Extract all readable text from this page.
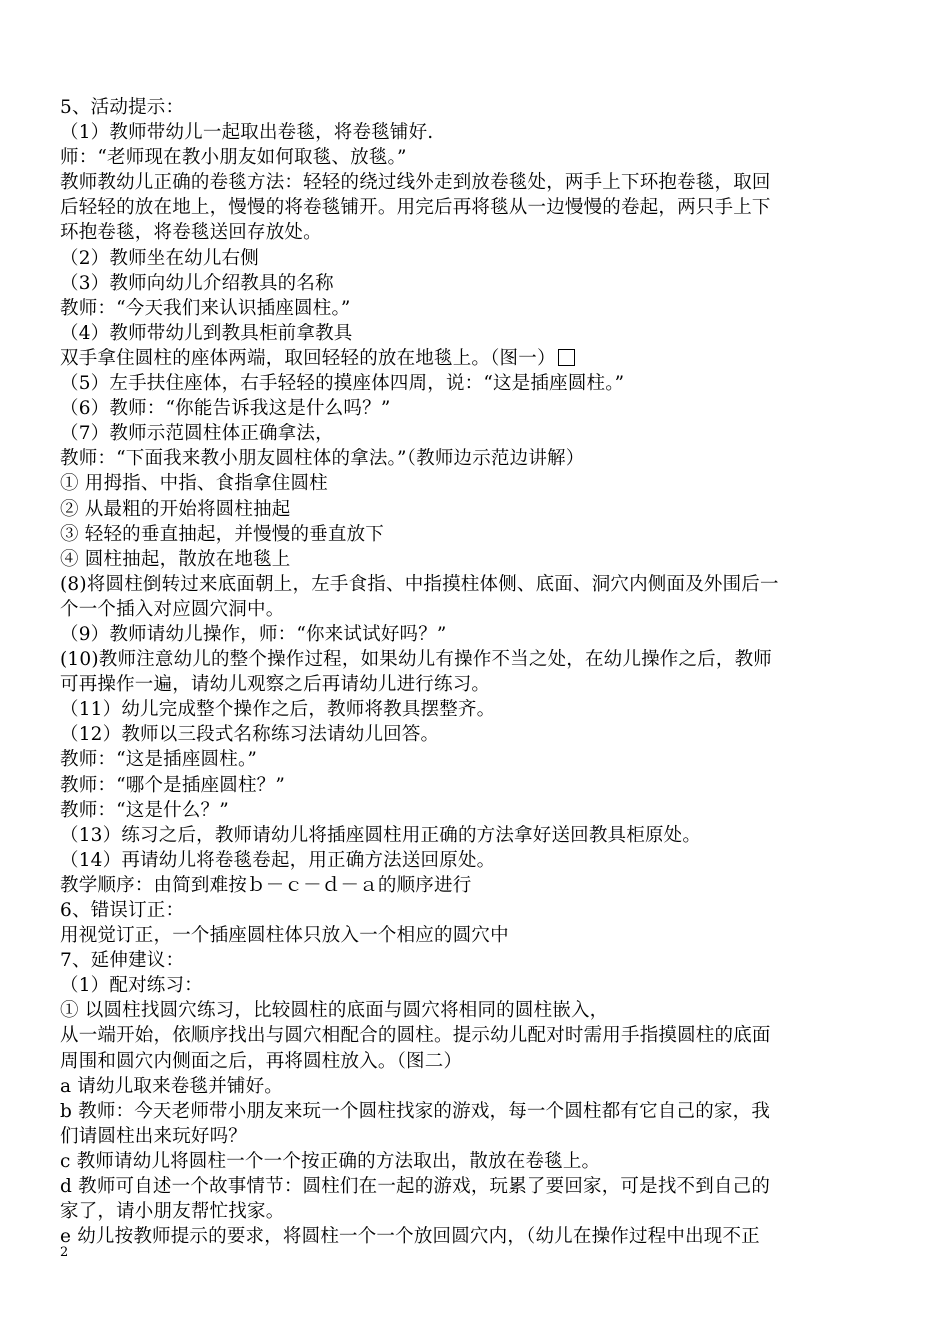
5、活动提示：
（1）教师带幼儿一起取出卷毯，将卷毯铺好.
师：“老师现在教小朋友如何取毯、放毯。”
教师教幼儿正确的卷毯方法：轻轻的绕过线外走到放卷毯处，两手上下环抱卷毯，取回
后轻轻的放在地上，慢慢的将卷毯铺开。用完后再将毯从一边慢慢的卷起，两只手上下
环抱卷毯，将卷毯送回存放处。
（2）教师坐在幼儿右侧
（3）教师向幼儿介绍教具的名称
教师：“今天我们来认识插座圆柱。”
（4）教师带幼儿到教具柜前拿教具
双手拿住圆柱的座体两端，取回轻轻的放在地毯上。（图一）
（5）左手扶住座体，右手轻轻的摸座体四周，说：“这是插座圆柱。”
（6）教师：“你能告诉我这是什么吗？”
（7）教师示范圆柱体正确拿法，
教师：“下面我来教小朋友圆柱体的拿法。”（教师边示范边讲解）
① 用拇指、中指、食指拿住圆柱
② 从最粗的开始将圆柱抽起
③ 轻轻的垂直抽起，并慢慢的垂直放下
④ 圆柱抽起，散放在地毯上
(8)将圆柱倒转过来底面朝上，左手食指、中指摸柱体侧、底面、洞穴内侧面及外围后一
个一个插入对应圆穴洞中。
（9）教师请幼儿操作，师：“你来试试好吗？”
(10)教师注意幼儿的整个操作过程，如果幼儿有操作不当之处，在幼儿操作之后，教师
可再操作一遍，请幼儿观察之后再请幼儿进行练习。
（11）幼儿完成整个操作之后，教师将教具摆整齐。
（12）教师以三段式名称练习法请幼儿回答。
教师：“这是插座圆柱。”
教师：“哪个是插座圆柱？”
教师：“这是什么？”
（13）练习之后，教师请幼儿将插座圆柱用正确的方法拿好送回教具柜原处。
（14）再请幼儿将卷毯卷起，用正确方法送回原处。
教学顺序：由简到难按ｂ－ｃ－ｄ－ａ的顺序进行
6、错误订正：
用视觉订正，一个插座圆柱体只放入一个相应的圆穴中
7、延伸建议：
（1）配对练习：
① 以圆柱找圆穴练习，比较圆柱的底面与圆穴将相同的圆柱嵌入，
从一端开始，依顺序找出与圆穴相配合的圆柱。提示幼儿配对时需用手指摸圆柱的底面
周围和圆穴内侧面之后，再将圆柱放入。（图二）
a 请幼儿取来卷毯并铺好。
b 教师：今天老师带小朋友来玩一个圆柱找家的游戏，每一个圆柱都有它自己的家，我
们请圆柱出来玩好吗？
c 教师请幼儿将圆柱一个一个按正确的方法取出，散放在卷毯上。
d 教师可自述一个故事情节：圆柱们在一起的游戏，玩累了要回家，可是找不到自己的
家了，请小朋友帮忙找家。
e 幼儿按教师提示的要求，将圆柱一个一个放回圆穴内，（幼儿在操作过程中出现不正
2
